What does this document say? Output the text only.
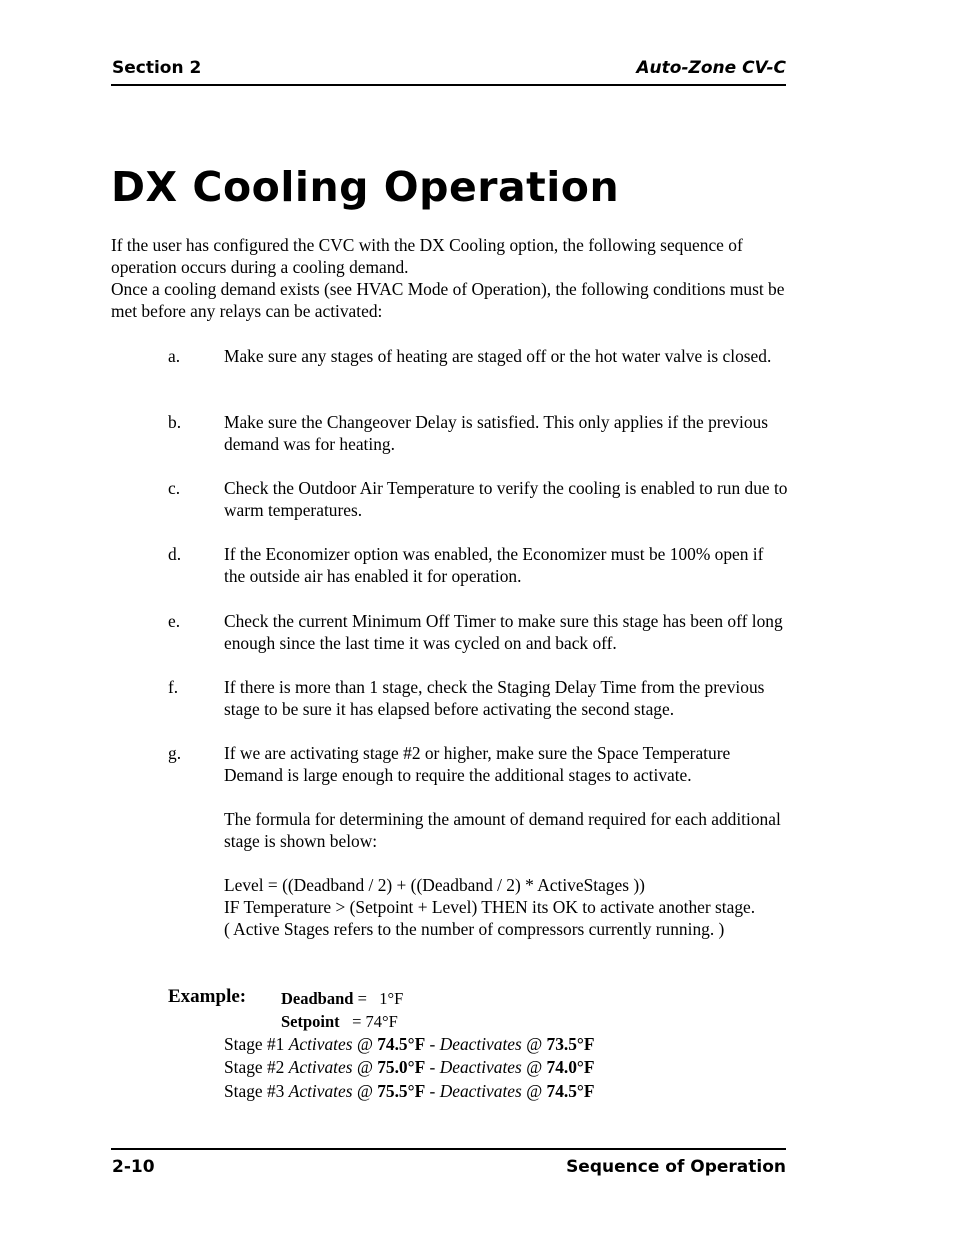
Section 2	Auto-Zone CV-C
DX Cooling Operation
If the user has configured the CVC with the DX Cooling option, the following sequence of operation occurs during a cooling demand.
Once a cooling demand exists (see HVAC Mode of Operation), the following conditions must be met before any relays can be activated:
a.	Make sure any stages of heating are staged off or the hot water valve is closed.
b. Make sure the Changeover Delay is satisfied. This only applies if the previous demand was for heating.
c.	Check the Outdoor Air Temperature to verify the cooling is enabled to run due to warm temperatures.
d. If the Economizer option was enabled, the Economizer must be 100% open if the outside air has enabled it for operation.
e.	Check the current Minimum Off Timer to make sure this stage has been off long enough since the last time it was cycled on and back off.
f.	If there is more than 1 stage, check the Staging Delay Time from the previous stage to be sure it has elapsed before activating the second stage.
g. If we are activating stage #2 or higher, make sure the Space Temperature Demand is large enough to require the additional stages to activate.
The formula for determining the amount of demand required for each additional stage is shown below:
Level = ((Deadband / 2) + ((Deadband / 2) * ActiveStages ))
IF Temperature > (Setpoint + Level) THEN its OK to activate another stage.
( Active Stages refers to the number of compressors currently running. )
Example: Deadband =   1°F
Setpoint   = 74°F
Stage #1 Activates @ 74.5°F - Deactivates @ 73.5°F
Stage #2 Activates @ 75.0°F - Deactivates @ 74.0°F
Stage #3 Activates @ 75.5°F - Deactivates @ 74.5°F
2-10	Sequence of Operation
